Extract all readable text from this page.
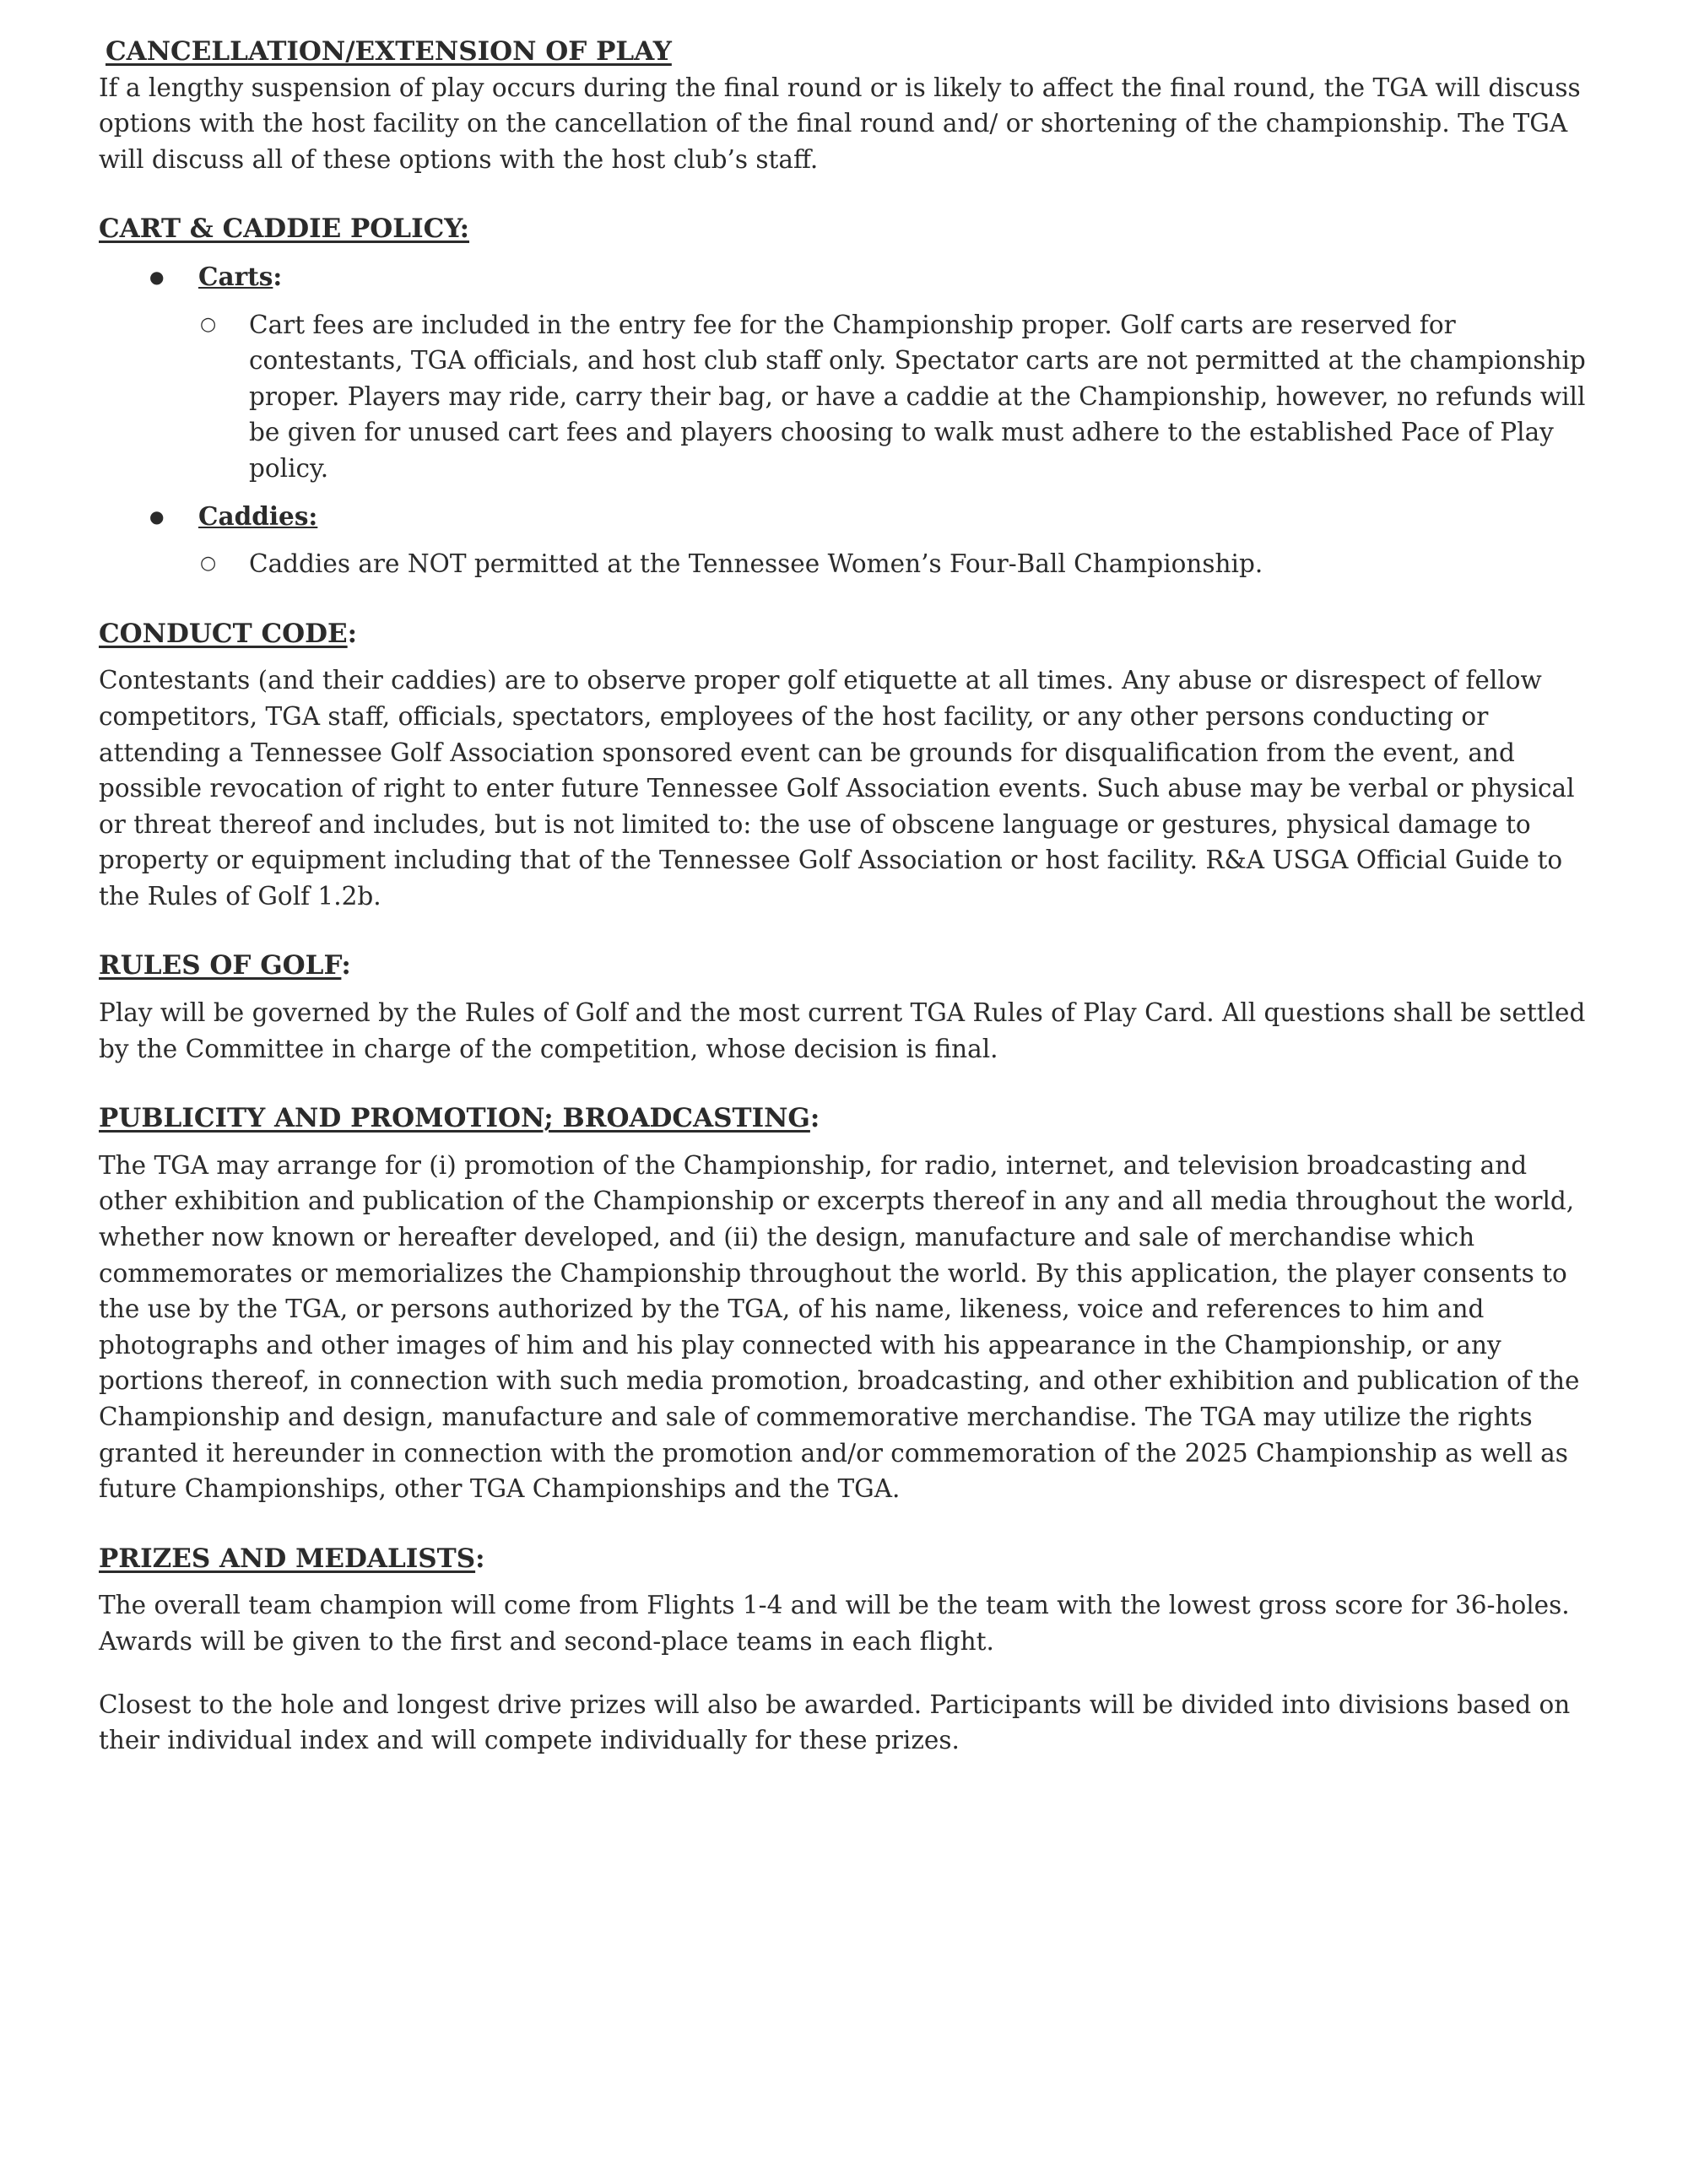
CANCELLATION/EXTENSION OF PLAY

If a lengthy suspension of play occurs during the final round or is likely to affect the final round, the TGA will discuss options with the host facility on the cancellation of the final round and/ or shortening of the championship. The TGA will discuss all of these options with the host club’s staff.

CART & CADDIE POLICY:
●	Carts:
○	Cart fees are included in the entry fee for the Championship proper. Golf carts are reserved for contestants, TGA officials, and host club staff only. Spectator carts are not permitted at the championship proper. Players may ride, carry their bag, or have a caddie at the Championship, however, no refunds will be given for unused cart fees and players choosing to walk must adhere to the established Pace of Play policy.
●	Caddies:
○	Caddies are NOT permitted at the Tennessee Women’s Four-Ball Championship.
CONDUCT CODE:

Contestants (and their caddies) are to observe proper golf etiquette at all times. Any abuse or disrespect of fellow competitors, TGA staff, officials, spectators, employees of the host facility, or any other persons conducting or attending a Tennessee Golf Association sponsored event can be grounds for disqualification from the event, and possible revocation of right to enter future Tennessee Golf Association events. Such abuse may be verbal or physical or threat thereof and includes, but is not limited to: the use of obscene language or gestures, physical damage to property or equipment including that of the Tennessee Golf Association or host facility. R&A USGA Official Guide to the Rules of Golf 1.2b.

RULES OF GOLF:

Play will be governed by the Rules of Golf and the most current TGA Rules of Play Card. All questions shall be settled by the Committee in charge of the competition, whose decision is final.

PUBLICITY AND PROMOTION; BROADCASTING:

The TGA may arrange for (i) promotion of the Championship, for radio, internet, and television broadcasting and other exhibition and publication of the Championship or excerpts thereof in any and all media throughout the world, whether now known or hereafter developed, and (ii) the design, manufacture and sale of merchandise which commemorates or memorializes the Championship throughout the world. By this application, the player consents to the use by the TGA, or persons authorized by the TGA, of his name, likeness, voice and references to him and photographs and other images of him and his play connected with his appearance in the Championship, or any portions thereof, in connection with such media promotion, broadcasting, and other exhibition and publication of the Championship and design, manufacture and sale of commemorative merchandise. The TGA may utilize the rights granted it hereunder in connection with the promotion and/or commemoration of the 2025 Championship as well as future Championships, other TGA Championships and the TGA.

PRIZES AND MEDALISTS:

The overall team champion will come from Flights 1-4 and will be the team with the lowest gross score for 36-holes. Awards will be given to the first and second-place teams in each flight.

Closest to the hole and longest drive prizes will also be awarded. Participants will be divided into divisions based on their individual index and will compete individually for these prizes.
